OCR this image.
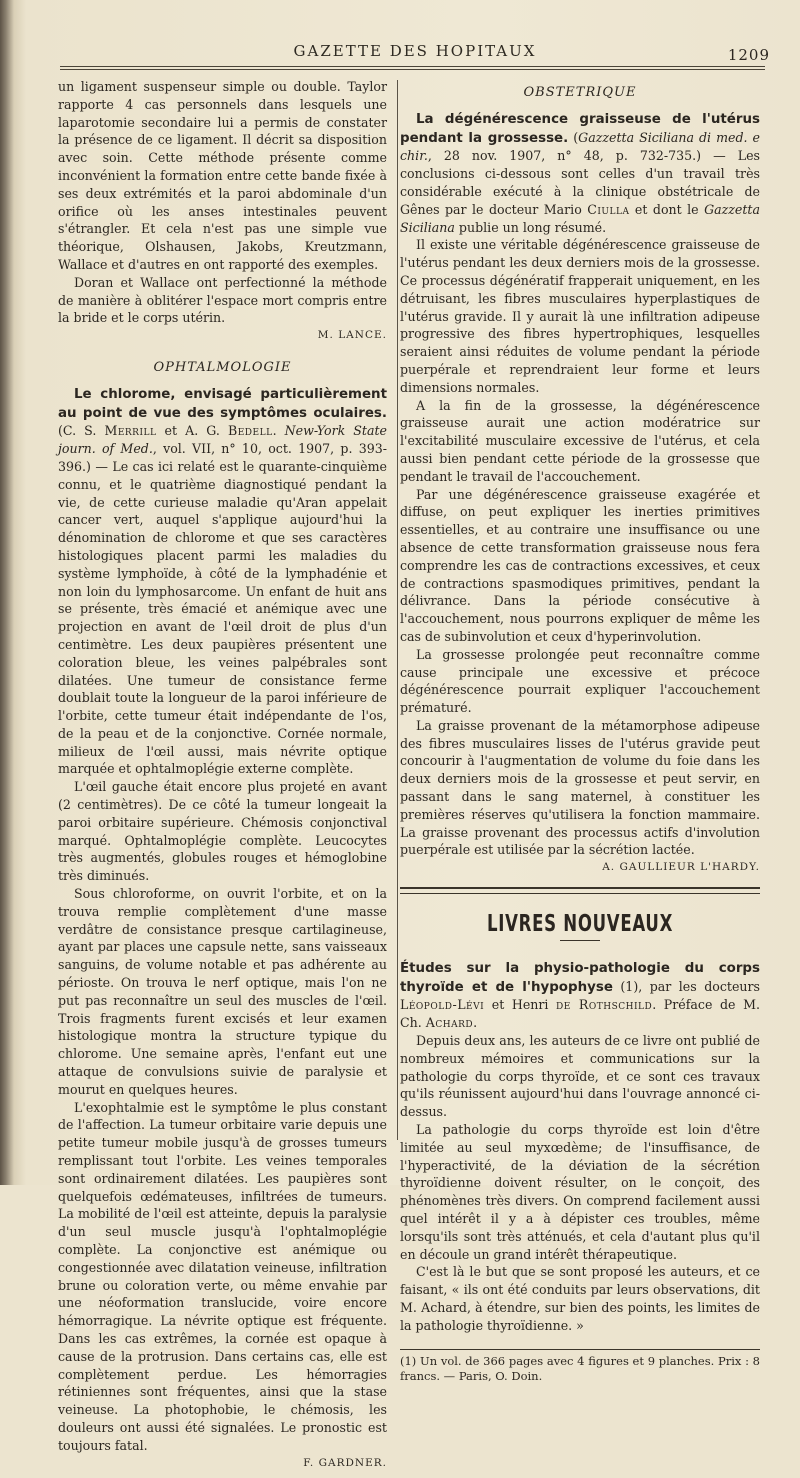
GAZETTE DES HOPITAUX	1209

un ligament suspenseur simple ou double. Taylor rapporte 4 cas personnels dans lesquels une laparotomie secondaire lui a permis de constater la présence de ce ligament. Il décrit sa disposition avec soin. Cette méthode présente comme inconvénient la formation entre cette bande fixée à ses deux extrémités et la paroi abdominale d'un orifice où les anses intestinales peuvent s'étrangler. Et cela n'est pas une simple vue théorique, Olshausen, Jakobs, Kreutzmann, Wallace et d'autres en ont rapporté des exemples.

Doran et Wallace ont perfectionné la méthode de manière à oblitérer l'espace mort compris entre la bride et le corps utérin.

M. LANCE.
OPHTALMOLOGIE

Le chlorome, envisagé particulièrement au point de vue des symptômes oculaires. (C. S. Merrill et A. G. Bedell. New-York State journ. of Med., vol. VII, n° 10, oct. 1907, p. 393-396.) — Le cas ici relaté est le quarante-cinquième connu, et le quatrième diagnostiqué pendant la vie, de cette curieuse maladie qu'Aran appelait cancer vert, auquel s'applique aujourd'hui la dénomination de chlorome et que ses caractères histologiques placent parmi les maladies du système lymphoïde, à côté de la lymphadénie et non loin du lymphosarcome. Un enfant de huit ans se présente, très émacié et anémique avec une projection en avant de l'œil droit de plus d'un centimètre. Les deux paupières présentent une coloration bleue, les veines palpébrales sont dilatées. Une tumeur de consistance ferme doublait toute la longueur de la paroi inférieure de l'orbite, cette tumeur était indépendante de l'os, de la peau et de la conjonctive. Cornée normale, milieux de l'œil aussi, mais névrite optique marquée et ophtalmoplégie externe complète.

L'œil gauche était encore plus projeté en avant (2 centimètres). De ce côté la tumeur longeait la paroi orbitaire supérieure. Chémosis conjonctival marqué. Ophtalmoplégie complète. Leucocytes très augmentés, globules rouges et hémoglobine très diminués.

Sous chloroforme, on ouvrit l'orbite, et on la trouva remplie complètement d'une masse verdâtre de consistance presque cartilagineuse, ayant par places une capsule nette, sans vaisseaux sanguins, de volume notable et pas adhérente au périoste. On trouva le nerf optique, mais l'on ne put pas reconnaître un seul des muscles de l'œil. Trois fragments furent excisés et leur examen histologique montra la structure typique du chlorome. Une semaine après, l'enfant eut une attaque de convulsions suivie de paralysie et mourut en quelques heures.

L'exophtalmie est le symptôme le plus constant de l'affection. La tumeur orbitaire varie depuis une petite tumeur mobile jusqu'à de grosses tumeurs remplissant tout l'orbite. Les veines temporales sont ordinairement dilatées. Les paupières sont quelquefois œdémateuses, infiltrées de tumeurs. La mobilité de l'œil est atteinte, depuis la paralysie d'un seul muscle jusqu'à l'ophtalmoplégie complète. La conjonctive est anémique ou congestionnée avec dilatation veineuse, infiltration brune ou coloration verte, ou même envahie par une néoformation translucide, voire encore hémorragique. La névrite optique est fréquente. Dans les cas extrêmes, la cornée est opaque à cause de la protrusion. Dans certains cas, elle est complètement perdue. Les hémorragies rétiniennes sont fréquentes, ainsi que la stase veineuse. La photophobie, le chémosis, les douleurs ont aussi été signalées. Le pronostic est toujours fatal.

F. GARDNER.
OBSTETRIQUE

La dégénérescence graisseuse de l'utérus pendant la grossesse. (Gazzetta Siciliana di med. e chir., 28 nov. 1907, n° 48, p. 732-735.) — Les conclusions ci-dessous sont celles d'un travail très considérable exécuté à la clinique obstétricale de Gênes par le docteur Mario Ciulla et dont le Gazzetta Siciliana publie un long résumé.

Il existe une véritable dégénérescence graisseuse de l'utérus pendant les deux derniers mois de la grossesse. Ce processus dégénératif frapperait uniquement, en les détruisant, les fibres musculaires hyperplastiques de l'utérus gravide. Il y aurait là une infiltration adipeuse progressive des fibres hypertrophiques, lesquelles seraient ainsi réduites de volume pendant la période puerpérale et reprendraient leur forme et leurs dimensions normales.

A la fin de la grossesse, la dégénérescence graisseuse aurait une action modératrice sur l'excitabilité musculaire excessive de l'utérus, et cela aussi bien pendant cette période de la grossesse que pendant le travail de l'accouchement.

Par une dégénérescence graisseuse exagérée et diffuse, on peut expliquer les inerties primitives essentielles, et au contraire une insuffisance ou une absence de cette transformation graisseuse nous fera comprendre les cas de contractions excessives, et ceux de contractions spasmodiques primitives, pendant la délivrance. Dans la période consécutive à l'accouchement, nous pourrons expliquer de même les cas de subinvolution et ceux d'hyperinvolution.

La grossesse prolongée peut reconnaître comme cause principale une excessive et précoce dégénérescence pourrait expliquer l'accouchement prématuré.

La graisse provenant de la métamorphose adipeuse des fibres musculaires lisses de l'utérus gravide peut concourir à l'augmentation de volume du foie dans les deux derniers mois de la grossesse et peut servir, en passant dans le sang maternel, à constituer les premières réserves qu'utilisera la fonction mammaire. La graisse provenant des processus actifs d'involution puerpérale est utilisée par la sécrétion lactée.

A. GAULLIEUR L'HARDY.
LIVRES NOUVEAUX

Études sur la physio-pathologie du corps thyroïde et de l'hypophyse (1), par les docteurs Léopold-Lévi et Henri de Rothschild. Préface de M. Ch. Achard.

Depuis deux ans, les auteurs de ce livre ont publié de nombreux mémoires et communications sur la pathologie du corps thyroïde, et ce sont ces travaux qu'ils réunissent aujourd'hui dans l'ouvrage annoncé ci-dessus.

La pathologie du corps thyroïde est loin d'être limitée au seul myxœdème; de l'insuffisance, de l'hyperactivité, de la déviation de la sécrétion thyroïdienne doivent résulter, on le conçoit, des phénomènes très divers. On comprend facilement aussi quel intérêt il y a à dépister ces troubles, même lorsqu'ils sont très atténués, et cela d'autant plus qu'il en découle un grand intérêt thérapeutique.

C'est là le but que se sont proposé les auteurs, et ce faisant, « ils ont été conduits par leurs observations, dit M. Achard, à étendre, sur bien des points, les limites de la pathologie thyroïdienne. »

(1) Un vol. de 366 pages avec 4 figures et 9 planches. Prix : 8 francs. — Paris, O. Doin.
